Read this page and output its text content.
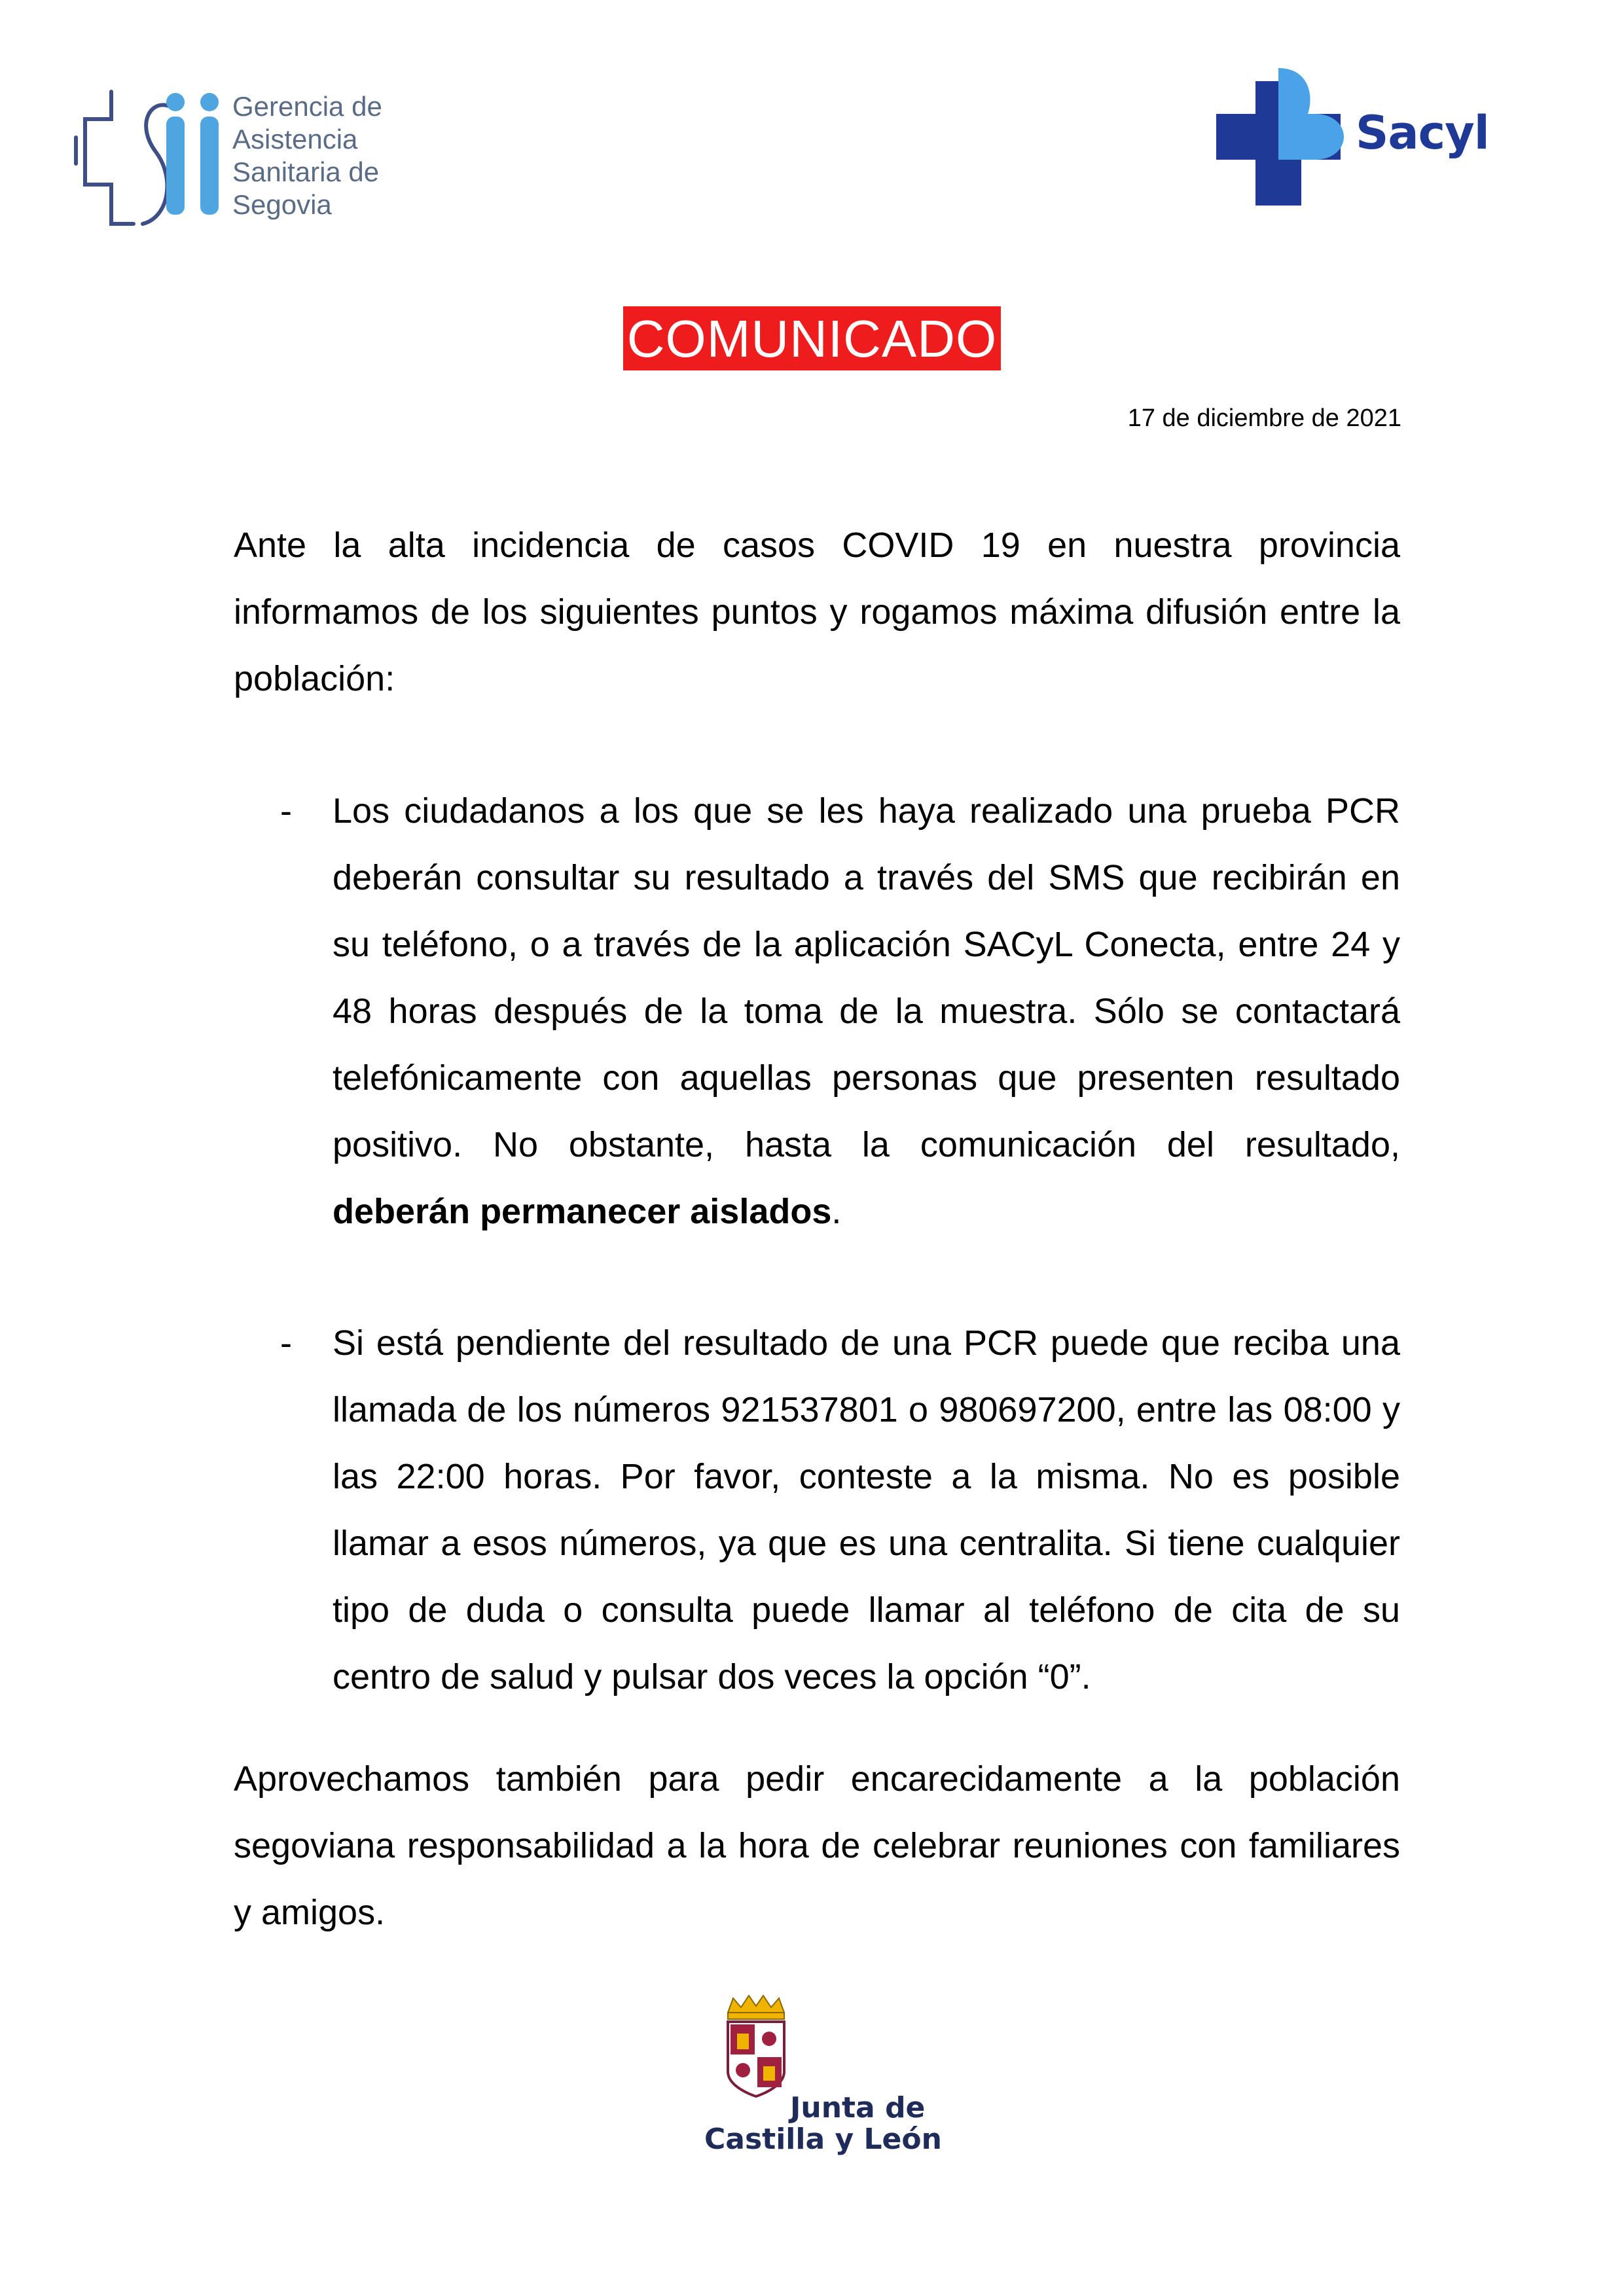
Gerencia de
Asistencia
Sanitaria de
Segovia
Sacyl
COMUNICADO
17 de diciembre de 2021

Ante la alta incidencia de casos COVID 19 en nuestra provincia informamos de los siguientes puntos y rogamos máxima difusión entre la población:

- Los ciudadanos a los que se les haya realizado una prueba PCR deberán consultar su resultado a través del SMS que recibirán en su teléfono, o a través de la aplicación SACyL Conecta, entre 24 y 48 horas después de la toma de la muestra. Sólo se contactará telefónicamente con aquellas personas que presenten resultado positivo. No obstante, hasta la comunicación del resultado, deberán permanecer aislados.

- Si está pendiente del resultado de una PCR puede que reciba una llamada de los números 921537801 o 980697200, entre las 08:00 y las 22:00 horas. Por favor, conteste a la misma. No es posible llamar a esos números, ya que es una centralita. Si tiene cualquier tipo de duda o consulta puede llamar al teléfono de cita de su centro de salud y pulsar dos veces la opción “0”.

Aprovechamos también para pedir encarecidamente a la población segoviana responsabilidad a la hora de celebrar reuniones con familiares y amigos.

Junta de
Castilla y León
